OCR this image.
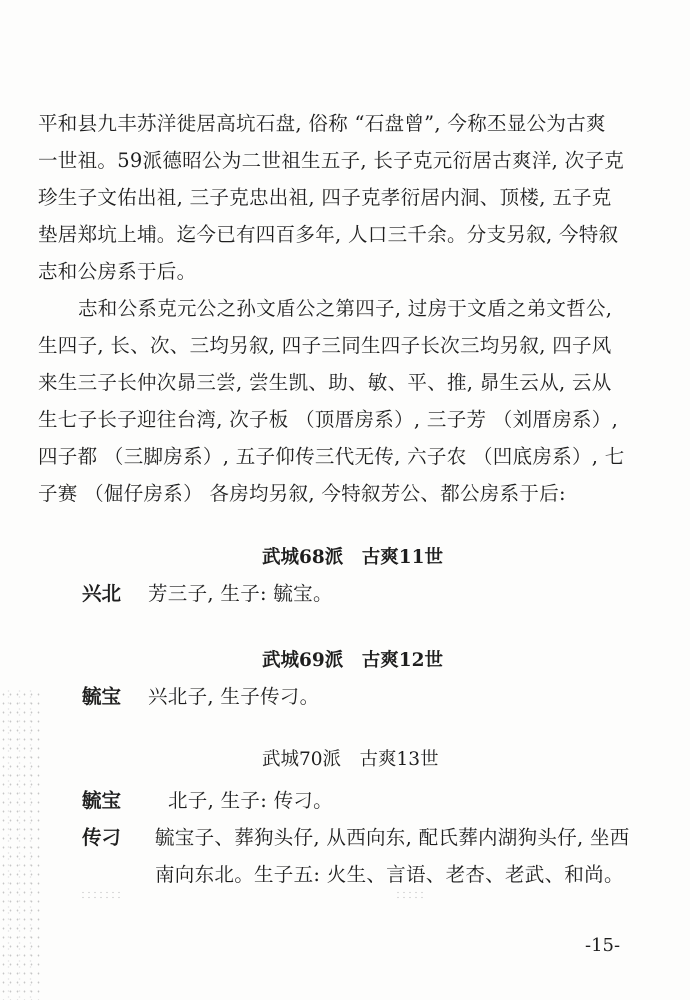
平和县九丰苏洋徙居高坑石盘, 俗称 “石盘曾”, 今称丕显公为古爽
一世祖。59派德昭公为二世祖生五子, 长子克元衍居古爽洋, 次子克
珍生子文佑出祖, 三子克忠出祖, 四子克孝衍居内洞、顶楼, 五子克
垫居郑坑上埔。迄今已有四百多年, 人口三千余。分支另叙, 今特叙
志和公房系于后。
志和公系克元公之孙文盾公之第四子, 过房于文盾之弟文哲公,
生四子, 长、次、三均另叙, 四子三同生四子长次三均另叙, 四子风
来生三子长仲次昴三尝, 尝生凯、助、敏、平、推, 昴生云从, 云从
生七子长子迎往台湾, 次子板 （顶厝房系）, 三子芳 （刘厝房系）,
四子都 （三脚房系）, 五子仰传三代无传, 六子农 （凹底房系）, 七
子赛 （倔仔房系） 各房均另叙, 今特叙芳公、都公房系于后:
武城68派　古爽11世
兴北 芳三子, 生子: 毓宝。
武城69派　古爽12世
毓宝 兴北子, 生子传刁。
武城70派　古爽13世
毓宝 北子, 生子: 传刁。
传刁 毓宝子、葬狗头仔, 从西向东, 配氏葬内湖狗头仔, 坐西
南向东北。生子五: 火生、言语、老杏、老武、和尚。
-15-
